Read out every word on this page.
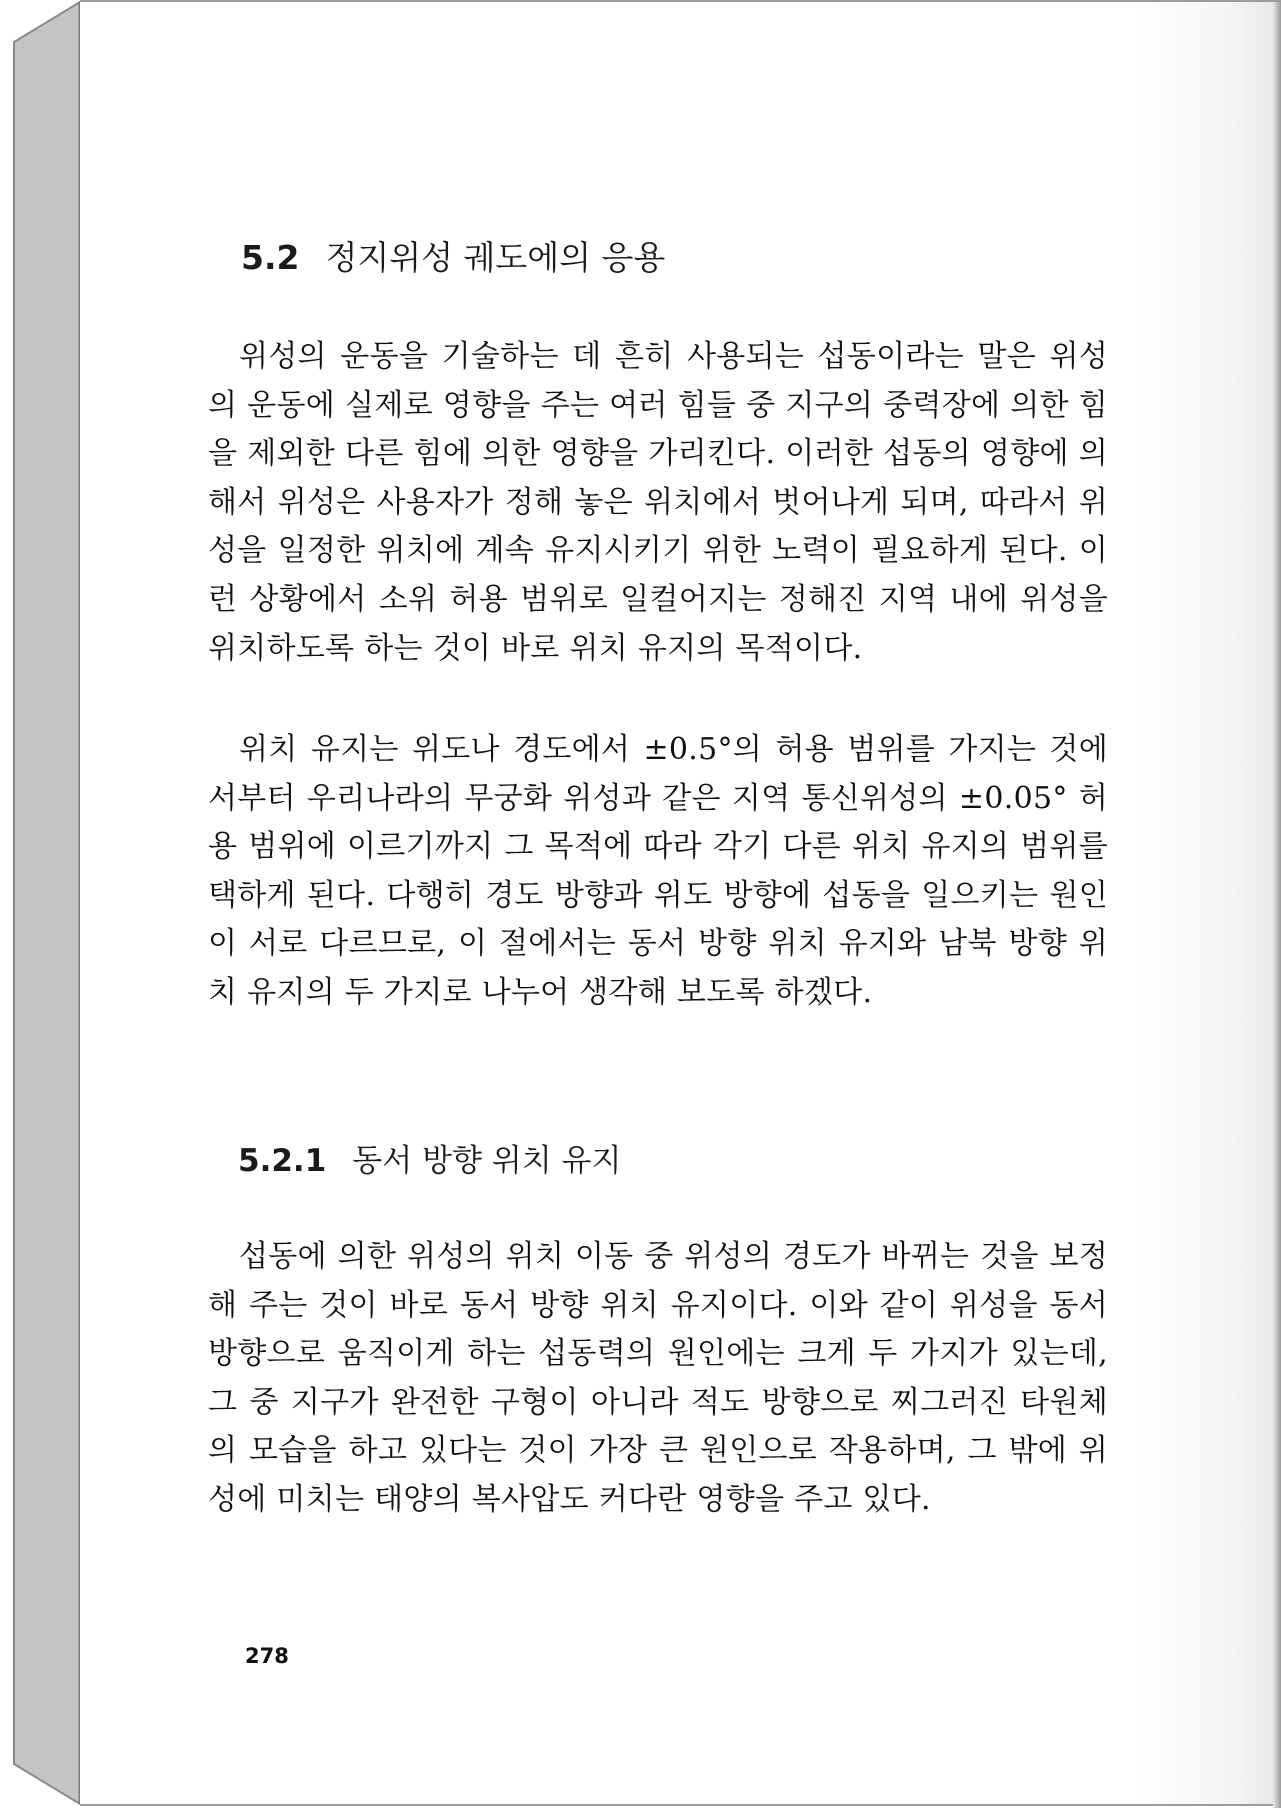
5.2 정지위성 궤도에의 응용

위성의 운동을 기술하는 데 흔히 사용되는 섭동이라는 말은 위성의 운동에 실제로 영향을 주는 여러 힘들 중 지구의 중력장에 의한 힘을 제외한 다른 힘에 의한 영향을 가리킨다. 이러한 섭동의 영향에 의해서 위성은 사용자가 정해 놓은 위치에서 벗어나게 되며, 따라서 위성을 일정한 위치에 계속 유지시키기 위한 노력이 필요하게 된다. 이런 상황에서 소위 허용 범위로 일컬어지는 정해진 지역 내에 위성을 위치하도록 하는 것이 바로 위치 유지의 목적이다.

위치 유지는 위도나 경도에서 ±0.5°의 허용 범위를 가지는 것에서부터 우리나라의 무궁화 위성과 같은 지역 통신위성의 ±0.05° 허용 범위에 이르기까지 그 목적에 따라 각기 다른 위치 유지의 범위를 택하게 된다. 다행히 경도 방향과 위도 방향에 섭동을 일으키는 원인이 서로 다르므로, 이 절에서는 동서 방향 위치 유지와 남북 방향 위치 유지의 두 가지로 나누어 생각해 보도록 하겠다.

5.2.1 동서 방향 위치 유지

섭동에 의한 위성의 위치 이동 중 위성의 경도가 바뀌는 것을 보정해 주는 것이 바로 동서 방향 위치 유지이다. 이와 같이 위성을 동서 방향으로 움직이게 하는 섭동력의 원인에는 크게 두 가지가 있는데, 그 중 지구가 완전한 구형이 아니라 적도 방향으로 찌그러진 타원체의 모습을 하고 있다는 것이 가장 큰 원인으로 작용하며, 그 밖에 위성에 미치는 태양의 복사압도 커다란 영향을 주고 있다.

278
